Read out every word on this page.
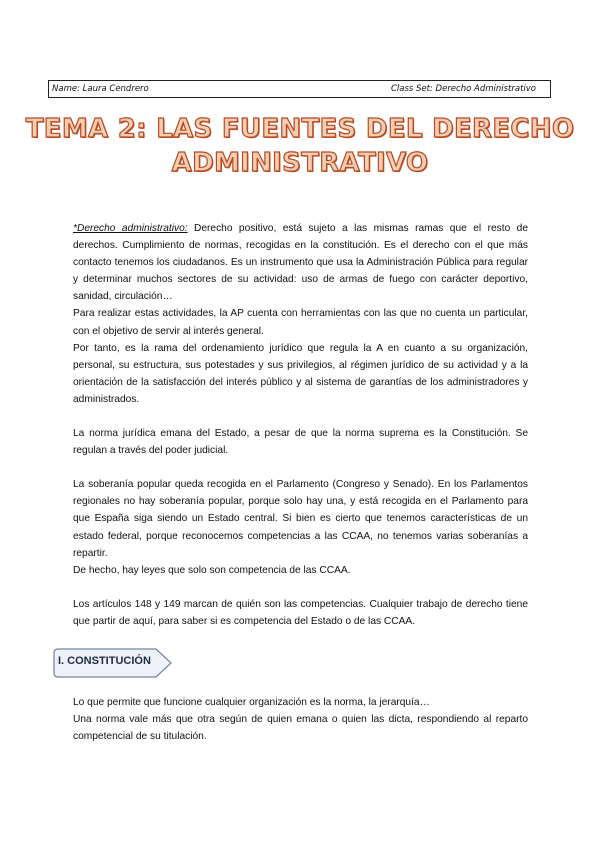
Name: Laura Cendrero	Class Set: Derecho Administrativo
TEMA 2: LAS FUENTES DEL DERECHO
ADMINISTRATIVO

*Derecho administrativo: Derecho positivo, está sujeto a las mismas ramas que el resto de derechos. Cumplimiento de normas, recogidas en la constitución. Es el derecho con el que más contacto tenemos los ciudadanos. Es un instrumento que usa la Administración Pública para regular y determinar muchos sectores de su actividad: uso de armas de fuego con carácter deportivo, sanidad, circulación…

Para realizar estas actividades, la AP cuenta con herramientas con las que no cuenta un particular, con el objetivo de servir al interés general.

Por tanto, es la rama del ordenamiento jurídico que regula la A en cuanto a su organización, personal, su estructura, sus potestades y sus privilegios, al régimen jurídico de su actividad y a la orientación de la satisfacción del interés público y al sistema de garantías de los administradores y administrados.

La norma jurídica emana del Estado, a pesar de que la norma suprema es la Constitución. Se regulan a través del poder judicial.

La soberanía popular queda recogida en el Parlamento (Congreso y Senado). En los Parlamentos regionales no hay soberanía popular, porque solo hay una, y está recogida en el Parlamento para que España siga siendo un Estado central. Si bien es cierto que tenemos características de un estado federal, porque reconocemos competencias a las CCAA, no tenemos varias soberanías a repartir.

De hecho, hay leyes que solo son competencia de las CCAA.

Los artículos 148 y 149 marcan de quién son las competencias. Cualquier trabajo de derecho tiene que partir de aquí, para saber si es competencia del Estado o de las CCAA.

I. CONSTITUCIÓN

Lo que permite que funcione cualquier organización es la norma, la jerarquía…

Una norma vale más que otra según de quien emana o quien las dicta, respondiendo al reparto competencial de su titulación.
